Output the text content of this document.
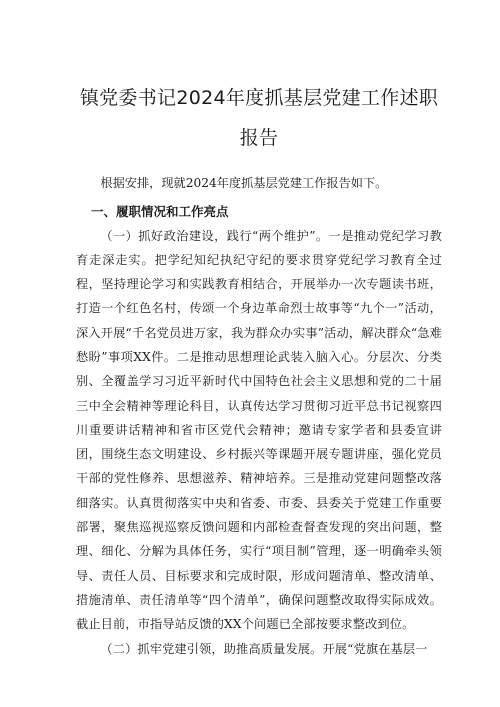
镇党委书记2024年度抓基层党建工作述职
报告

根据安排，现就2024年度抓基层党建工作报告如下。

一、履职情况和工作亮点

（一）抓好政治建设，践行“两个维护”。一是推动党纪学习教育走深走实。把学纪知纪执纪守纪的要求贯穿党纪学习教育全过程，坚持理论学习和实践教育相结合，开展举办一次专题读书班，打造一个红色名村，传颂一个身边革命烈士故事等“九个一”活动，深入开展“千名党员进万家，我为群众办实事”活动，解决群众“急难愁盼”事项XX件。二是推动思想理论武装入脑入心。分层次、分类别、全覆盖学习习近平新时代中国特色社会主义思想和党的二十届三中全会精神等理论科目，认真传达学习贯彻习近平总书记视察四川重要讲话精神和省市区党代会精神；邀请专家学者和县委宣讲团，围绕生态文明建设、乡村振兴等课题开展专题讲座，强化党员干部的党性修养、思想滋养、精神培养。三是推动党建问题整改落细落实。认真贯彻落实中央和省委、市委、县委关于党建工作重要部署，聚焦巡视巡察反馈问题和内部检查督查发现的突出问题，整理、细化、分解为具体任务，实行“项目制”管理，逐一明确牵头领导、责任人员、目标要求和完成时限，形成问题清单、整改清单、措施清单、责任清单等“四个清单”，确保问题整改取得实际成效。截止目前，市指导站反馈的XX个问题已全部按要求整改到位。

（二）抓牢党建引领，助推高质量发展。开展“党旗在基层一
